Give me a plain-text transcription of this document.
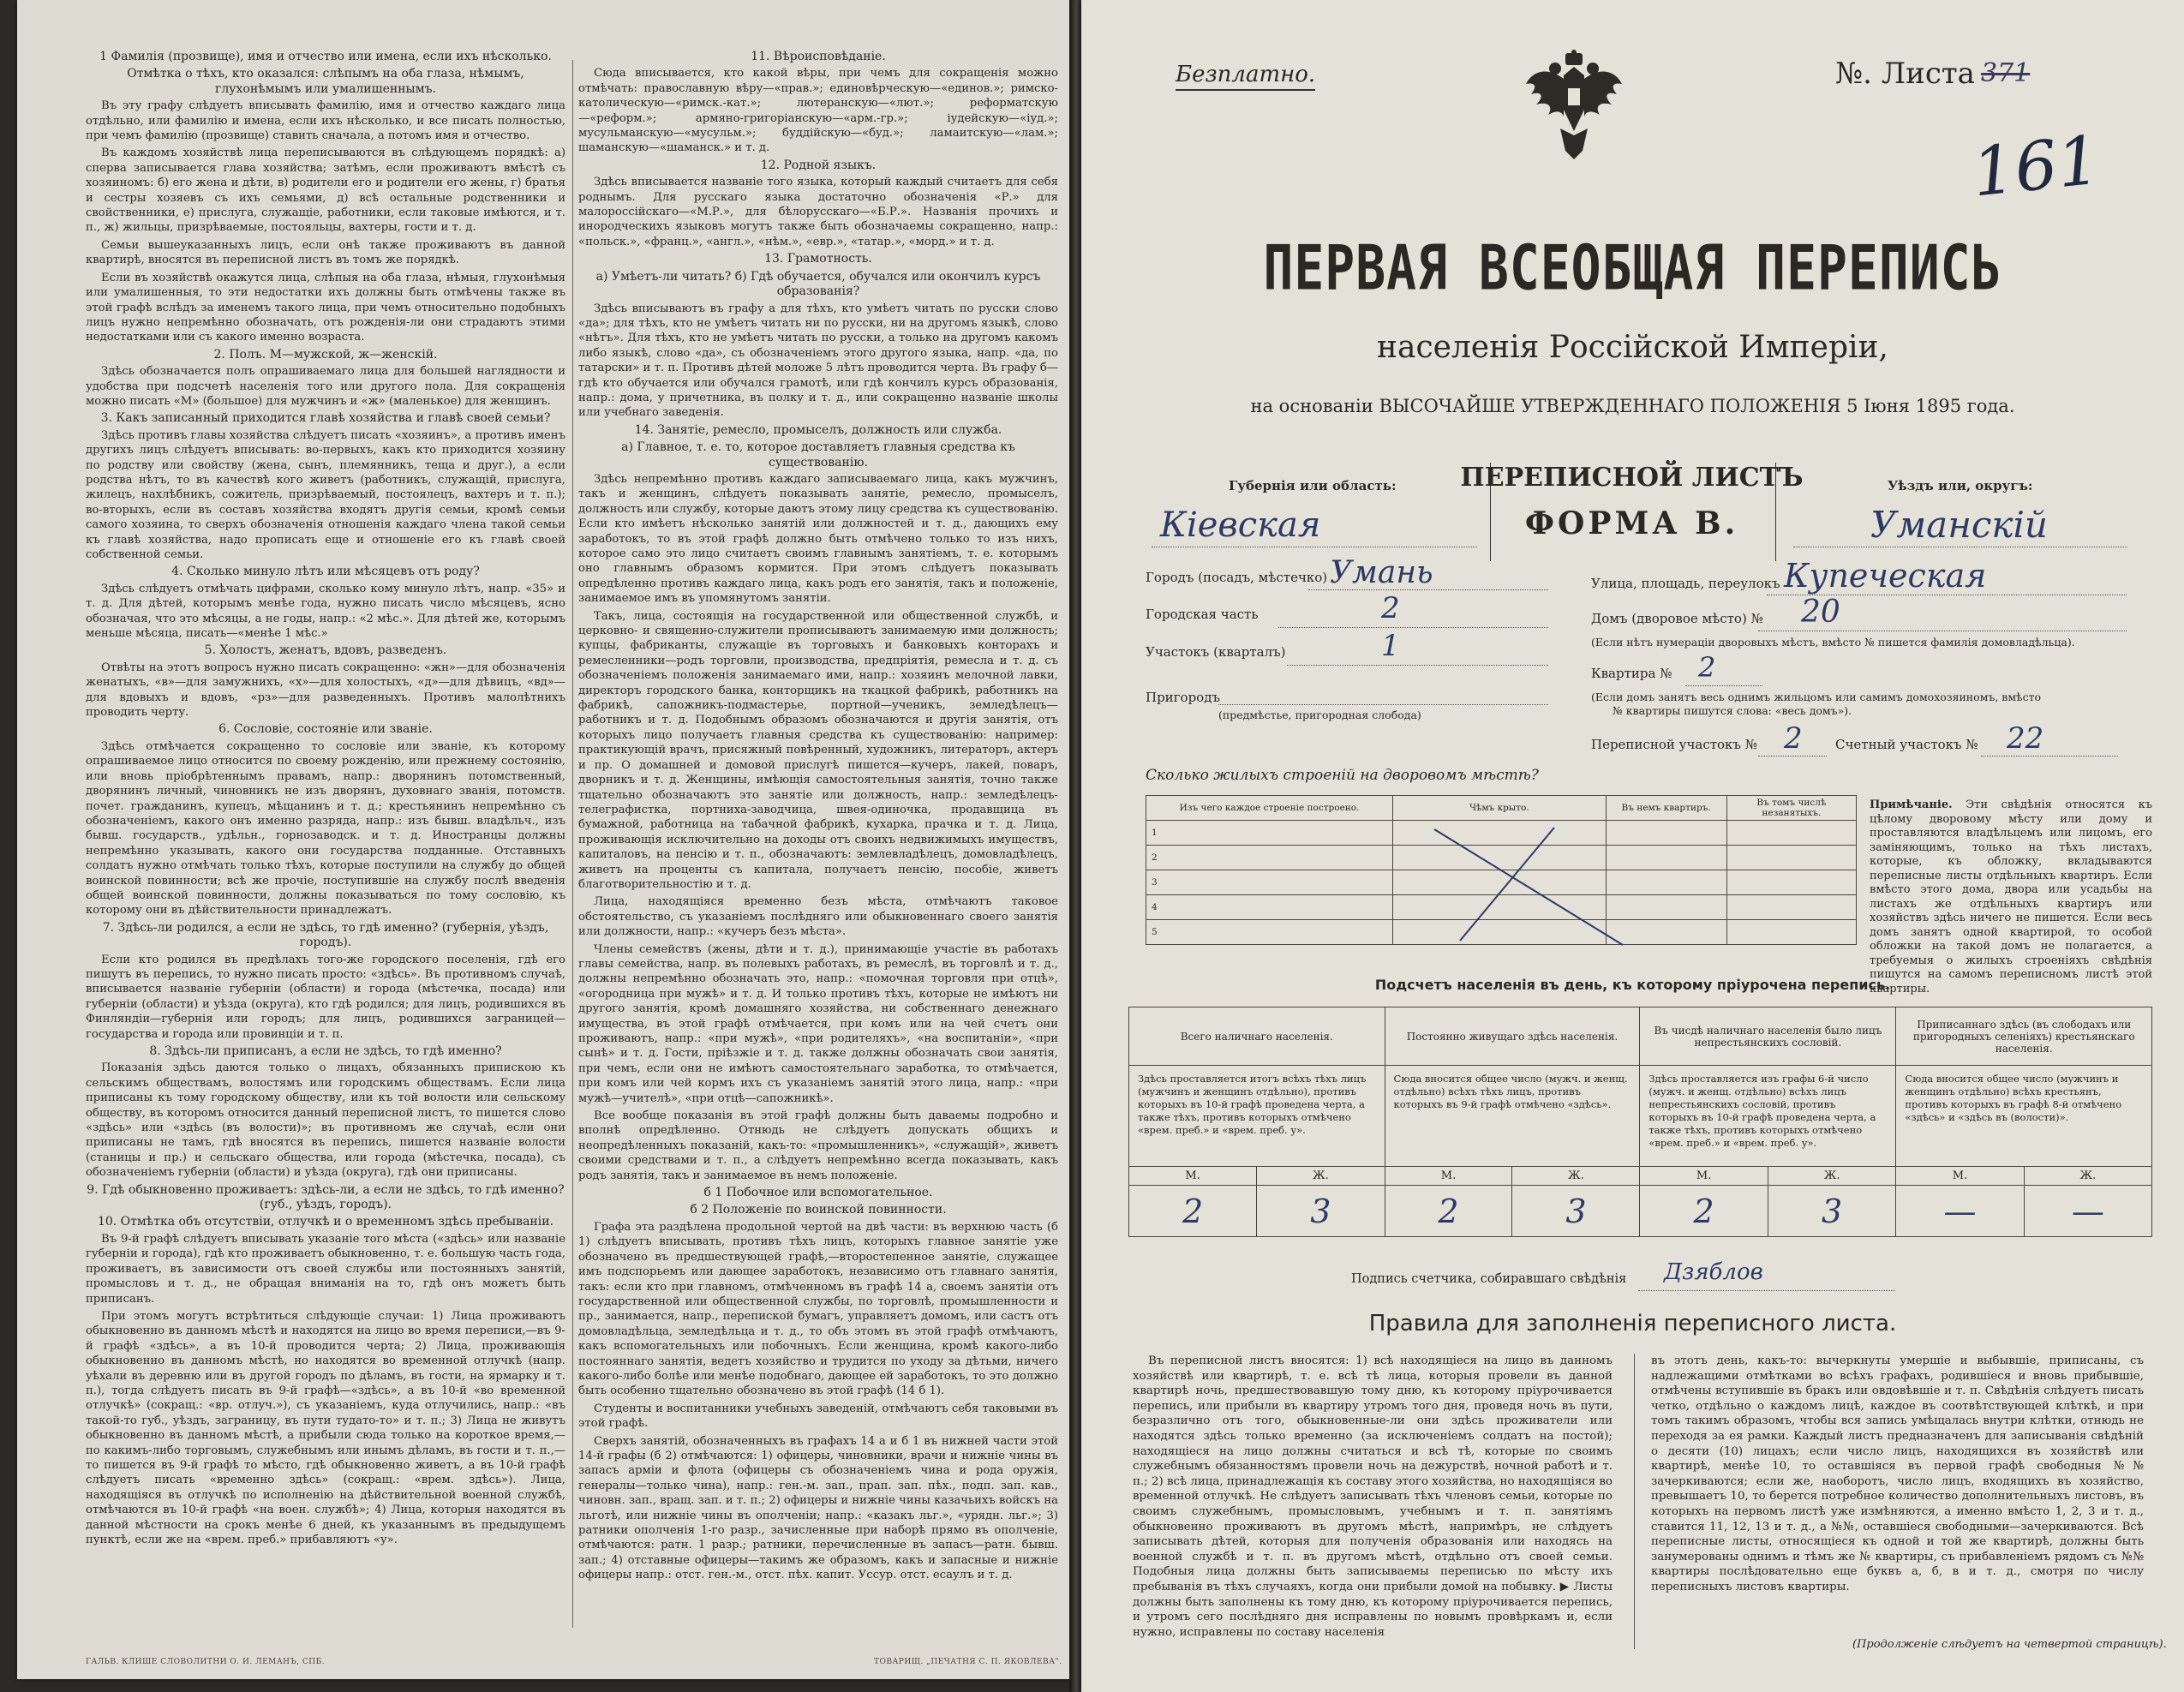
1 Фамилія (прозвище), имя и отчество или имена, если ихъ нѣсколько.
Отмѣтка о тѣхъ, кто оказался: слѣпымъ на оба глаза, нѣмымъ, глухонѣмымъ или умалишеннымъ.

Въ эту графу слѣдуетъ вписывать фамилію, имя и отчество каждаго лица отдѣльно, или фамилію и имена, если ихъ нѣсколько, и все писать полностью, при чемъ фамилію (прозвище) ставить сначала, а потомъ имя и отчество.

Въ каждомъ хозяйствѣ лица переписываются въ слѣдующемъ порядкѣ: а) сперва записывается глава хозяйства; затѣмъ, если проживаютъ вмѣстѣ съ хозяиномъ: б) его жена и дѣти, в) родители его и родители его жены, г) братья и сестры хозяевъ съ ихъ семьями, д) всѣ остальные родственники и свойственники, е) прислуга, служащіе, работники, если таковые имѣются, и т. п., ж) жильцы, призрѣваемые, постояльцы, вахтеры, гости и т. д.

Семьи вышеуказанныхъ лицъ, если онѣ также проживаютъ въ данной квартирѣ, вносятся въ переписной листъ въ томъ же порядкѣ.

Если въ хозяйствѣ окажутся лица, слѣпыя на оба глаза, нѣмыя, глухонѣмыя или умалишенныя, то эти недостатки ихъ должны быть отмѣчены также въ этой графѣ вслѣдъ за именемъ такого лица, при чемъ относительно подобныхъ лицъ нужно непремѣнно обозначать, отъ рожденія-ли они страдаютъ этими недостатками или съ какого именно возраста.

2. Полъ. М—мужской, ж—женскій.

Здѣсь обозначается полъ опрашиваемаго лица для большей наглядности и удобства при подсчетѣ населенія того или другого пола. Для сокращенія можно писать «М» (большое) для мужчинъ и «ж» (маленькое) для женщинъ.

3. Какъ записанный приходится главѣ хозяйства и главѣ своей семьи?

Здѣсь противъ главы хозяйства слѣдуетъ писать «хозяинъ», а противъ именъ другихъ лицъ слѣдуетъ вписывать: во-первыхъ, какъ кто приходится хозяину по родству или свойству (жена, сынъ, племянникъ, теща и друг.), а если родства нѣтъ, то въ качествѣ кого живетъ (работникъ, служащій, прислуга, жилецъ, нахлѣбникъ, сожитель, призрѣваемый, постоялецъ, вахтеръ и т. п.); во-вторыхъ, если въ составъ хозяйства входятъ другія семьи, кромѣ семьи самого хозяина, то сверхъ обозначенія отношенія каждаго члена такой семьи къ главѣ хозяйства, надо прописать еще и отношеніе его къ главѣ своей собственной семьи.

4. Сколько минуло лѣтъ или мѣсяцевъ отъ роду?

Здѣсь слѣдуетъ отмѣчать цифрами, сколько кому минуло лѣтъ, напр. «35» и т. д. Для дѣтей, которымъ менѣе года, нужно писать число мѣсяцевъ, ясно обозначая, что это мѣсяцы, а не годы, напр.: «2 мѣс.». Для дѣтей же, которымъ меньше мѣсяца, писать—«менѣе 1 мѣс.»

5. Холостъ, женатъ, вдовъ, разведенъ.

Отвѣты на этотъ вопросъ нужно писать сокращенно: «жн»—для обозначенія женатыхъ, «в»—для замужнихъ, «х»—для холостыхъ, «д»—для дѣвицъ, «вд»—для вдовыхъ и вдовъ, «рз»—для разведенныхъ. Противъ малолѣтнихъ проводить черту.

6. Сословіе, состояніе или званіе.

Здѣсь отмѣчается сокращенно то сословіе или званіе, къ которому опрашиваемое лицо относится по своему рожденію, или прежнему состоянію, или вновь пріобрѣтеннымъ правамъ, напр.: дворянинъ потомственный, дворянинъ личный, чиновникъ не изъ дворянъ, духовнаго званія, потомств. почет. гражданинъ, купецъ, мѣщанинъ и т. д.; крестьянинъ непремѣнно съ обозначеніемъ, какого онъ именно разряда, напр.: изъ бывш. владѣльч., изъ бывш. государств., удѣльн., горнозаводск. и т. д. Иностранцы должны непремѣнно указывать, какого они государства подданные. Отставныхъ солдатъ нужно отмѣчать только тѣхъ, которые поступили на службу до общей воинской повинности; всѣ же прочіе, поступившіе на службу послѣ введенія общей воинской повинности, должны показываться по тому сословію, къ которому они въ дѣйствительности принадлежатъ.

7. Здѣсь-ли родился, а если не здѣсь, то гдѣ именно? (губернія, уѣздъ, городъ).

Если кто родился въ предѣлахъ того-же городского поселенія, гдѣ его пишутъ въ перепись, то нужно писать просто: «здѣсь». Въ противномъ случаѣ, вписывается названіе губерніи (области) и города (мѣстечка, посада) или губерніи (области) и уѣзда (округа), кто гдѣ родился; для лицъ, родившихся въ Финляндіи—губернія или городъ; для лицъ, родившихся заграницей—государства и города или провинціи и т. п.

8. Здѣсь-ли приписанъ, а если не здѣсь, то гдѣ именно?

Показанія здѣсь даются только о лицахъ, обязанныхъ припискою къ сельскимъ обществамъ, волостямъ или городскимъ обществамъ. Если лица приписаны къ тому городскому обществу, или къ той волости или сельскому обществу, въ которомъ относится данный переписной листъ, то пишется слово «здѣсь» или «здѣсь (въ волости)»; въ противномъ же случаѣ, если они приписаны не тамъ, гдѣ вносятся въ перепись, пишется названіе волости (станицы и пр.) и сельскаго общества, или города (мѣстечка, посада), съ обозначеніемъ губерніи (области) и уѣзда (округа), гдѣ они приписаны.

9. Гдѣ обыкновенно проживаетъ: здѣсь-ли, а если не здѣсь, то гдѣ именно? (губ., уѣздъ, городъ).
10. Отмѣтка объ отсутствіи, отлучкѣ и о временномъ здѣсь пребываніи.

Въ 9-й графѣ слѣдуетъ вписывать указаніе того мѣста («здѣсь» или названіе губерніи и города), гдѣ кто проживаетъ обыкновенно, т. е. большую часть года, проживаетъ, въ зависимости отъ своей службы или постоянныхъ занятій, промысловъ и т. д., не обращая вниманія на то, гдѣ онъ можетъ быть приписанъ.

При этомъ могутъ встрѣтиться слѣдующіе случаи: 1) Лица проживаютъ обыкновенно въ данномъ мѣстѣ и находятся на лицо во время переписи,—въ 9-й графѣ «здѣсь», а въ 10-й проводится черта; 2) Лица, проживающія обыкновенно въ данномъ мѣстѣ, но находятся во временной отлучкѣ (напр. уѣхали въ деревню или въ другой городъ по дѣламъ, въ гости, на ярмарку и т. п.), тогда слѣдуетъ писать въ 9-й графѣ—«здѣсь», а въ 10-й «во временной отлучкѣ» (сокращ.: «вр. отлуч.»), съ указаніемъ, куда отлучились, напр.: «въ такой-то губ., уѣздъ, заграницу, въ пути тудато-то» и т. п.; 3) Лица не живутъ обыкновенно въ данномъ мѣстѣ, а прибыли сюда только на короткое время,—по какимъ-либо торговымъ, служебнымъ или инымъ дѣламъ, въ гости и т. п.,—то пишется въ 9-й графѣ то мѣсто, гдѣ обыкновенно живетъ, а въ 10-й графѣ слѣдуетъ писать «временно здѣсь» (сокращ.: «врем. здѣсь»). Лица, находящіяся въ отлучкѣ по исполненію на дѣйствительной военной службѣ, отмѣчаются въ 10-й графѣ «на воен. службѣ»; 4) Лица, которыя находятся въ данной мѣстности на срокъ менѣе 6 дней, къ указаннымъ въ предыдущемъ пунктѣ, если же на «врем. преб.» прибавляютъ «у».

11. Вѣроисповѣданіе.

Сюда вписывается, кто какой вѣры, при чемъ для сокращенія можно отмѣчать: православную вѣру—«прав.»; единовѣрческую—«единов.»; римско-католическую—«римск.-кат.»; лютеранскую—«лют.»; реформатскую—«реформ.»; армяно-григоріанскую—«арм.-гр.»; іудейскую—«іуд.»; мусульманскую—«мусульм.»; буддійскую—«буд.»; ламаитскую—«лам.»; шаманскую—«шаманск.» и т. д.

12. Родной языкъ.

Здѣсь вписывается названіе того языка, который каждый считаетъ для себя роднымъ. Для русскаго языка достаточно обозначенія «Р.» для малороссійскаго—«М.Р.», для бѣлорусскаго—«Б.Р.». Названія прочихъ и инородческихъ языковъ могутъ также быть обозначаемы сокращенно, напр.: «польск.», «франц.», «англ.», «нѣм.», «евр.», «татар.», «морд.» и т. д.

13. Грамотность.
а) Умѣетъ-ли читать? б) Гдѣ обучается, обучался или окончилъ курсъ образованія?

Здѣсь вписываютъ въ графу а для тѣхъ, кто умѣетъ читать по русски слово «да»; для тѣхъ, кто не умѣетъ читать ни по русски, ни на другомъ языкѣ, слово «нѣтъ». Для тѣхъ, кто не умѣетъ читать по русски, а только на другомъ какомъ либо языкѣ, слово «да», съ обозначеніемъ этого другого языка, напр. «да, по татарски» и т. п. Противъ дѣтей моложе 5 лѣтъ проводится черта. Въ графу б—гдѣ кто обучается или обучался грамотѣ, или гдѣ кончилъ курсъ образованія, напр.: дома, у причетника, въ полку и т. д., или сокращенно названіе школы или учебнаго заведенія.

14. Занятіе, ремесло, промыселъ, должность или служба.
а) Главное, т. е. то, которое доставляетъ главныя средства къ существованію.

Здѣсь непремѣнно противъ каждаго записываемаго лица, какъ мужчинъ, такъ и женщинъ, слѣдуетъ показывать занятіе, ремесло, промыселъ, должность или службу, которые даютъ этому лицу средства къ существованію. Если кто имѣетъ нѣсколько занятій или должностей и т. д., дающихъ ему заработокъ, то въ этой графѣ должно быть отмѣчено только то изъ нихъ, которое само это лицо считаетъ своимъ главнымъ занятіемъ, т. е. которымъ оно главнымъ образомъ кормится. При этомъ слѣдуетъ показывать опредѣленно противъ каждаго лица, какъ родъ его занятія, такъ и положеніе, занимаемое имъ въ упомянутомъ занятіи.

Такъ, лица, состоящія на государственной или общественной службѣ, и церковно- и священно-служители прописываютъ занимаемую ими должность; купцы, фабриканты, служащіе въ торговыхъ и банковыхъ конторахъ и ремесленники—родъ торговли, производства, предпріятія, ремесла и т. д. съ обозначеніемъ положенія занимаемаго ими, напр.: хозяинъ мелочной лавки, директоръ городского банка, конторщикъ на ткацкой фабрикѣ, работникъ на фабрикѣ, сапожникъ-подмастерье, портной—ученикъ, земледѣлецъ—работникъ и т. д. Подобнымъ образомъ обозначаются и другія занятія, отъ которыхъ лицо получаетъ главныя средства къ существованію: например: практикующій врачъ, присяжный повѣренный, художникъ, литераторъ, актеръ и пр. О домашней и домовой прислугѣ пишется—кучеръ, лакей, поваръ, дворникъ и т. д. Женщины, имѣющія самостоятельныя занятія, точно также тщательно обозначаютъ это занятіе или должность, напр.: земледѣлецъ-телеграфистка, портниха-заводчица, швея-одиночка, продавщица въ бумажной, работница на табачной фабрикѣ, кухарка, прачка и т. д. Лица, проживающія исключительно на доходы отъ своихъ недвижимыхъ имуществъ, капиталовъ, на пенсію и т. п., обозначаютъ: землевладѣлецъ, домовладѣлецъ, живетъ на проценты съ капитала, получаетъ пенсію, пособіе, живетъ благотворительностію и т. д.

Лица, находящіяся временно безъ мѣста, отмѣчаютъ таковое обстоятельство, съ указаніемъ послѣдняго или обыкновеннаго своего занятія или должности, напр.: «кучеръ безъ мѣста».

Члены семействъ (жены, дѣти и т. д.), принимающіе участіе въ работахъ главы семейства, напр. въ полевыхъ работахъ, въ ремеслѣ, въ торговлѣ и т. д., должны непремѣнно обозначать это, напр.: «помочная торговля при отцѣ», «огородница при мужѣ» и т. д. И только противъ тѣхъ, которые не имѣютъ ни другого занятія, кромѣ домашняго хозяйства, ни собственнаго денежнаго имущества, въ этой графѣ отмѣчается, при комъ или на чей счетъ они проживаютъ, напр.: «при мужѣ», «при родителяхъ», «на воспитаніи», «при сынѣ» и т. д. Гости, пріѣзжіе и т. д. также должны обозначать свои занятія, при чемъ, если они не имѣютъ самостоятельнаго заработка, то отмѣчается, при комъ или чей кормъ ихъ съ указаніемъ занятій этого лица, напр.: «при мужѣ—учителѣ», «при отцѣ—сапожникѣ».

Все вообще показанія въ этой графѣ должны быть даваемы подробно и вполнѣ опредѣленно. Отнюдь не слѣдуетъ допускать общихъ и неопредѣленныхъ показаній, какъ-то: «промышленникъ», «служащій», живетъ своими средствами и т. п., а слѣдуетъ непремѣнно всегда показывать, какъ родъ занятія, такъ и занимаемое въ немъ положеніе.

б 1 Побочное или вспомогательное.
б 2 Положеніе по воинской повинности.

Графа эта раздѣлена продольной чертой на двѣ части: въ верхнюю часть (б 1) слѣдуетъ вписывать, противъ тѣхъ лицъ, которыхъ главное занятіе уже обозначено въ предшествующей графѣ,—второстепенное занятіе, служащее имъ подспорьемъ или дающее заработокъ, независимо отъ главнаго занятія, такъ: если кто при главномъ, отмѣченномъ въ графѣ 14 а, своемъ занятіи отъ государственной или общественной службы, по торговлѣ, промышленности и пр., занимается, напр., перепиской бумагъ, управляетъ домомъ, или састъ отъ домовладѣльца, земледѣльца и т. д., то объ этомъ въ этой графѣ отмѣчаютъ, какъ вспомогательныхъ или побочныхъ. Если женщина, кромѣ какого-либо постояннаго занятія, ведетъ хозяйство и трудится по уходу за дѣтьми, ничего какого-либо болѣе или менѣе подобнаго, дающее ей заработокъ, то это должно быть особенно тщательно обозначено въ этой графѣ (14 б 1).

Студенты и воспитанники учебныхъ заведеній, отмѣчаютъ себя таковыми въ этой графѣ.

Сверхъ занятій, обозначенныхъ въ графахъ 14 а и б 1 въ нижней части этой 14-й графы (б 2) отмѣчаются: 1) офицеры, чиновники, врачи и нижніе чины въ запасъ арміи и флота (офицеры съ обозначеніемъ чина и рода оружія, генералы—только чина), напр.: ген.-м. зап., прап. зап. пѣх., подп. зап. кав., чиновн. зап., вращ. зап. и т. п.; 2) офицеры и нижніе чины казачьихъ войскъ на льготѣ, или нижніе чины въ ополченіи; напр.: «казакъ льг.», «урядн. льг.»; 3) ратники ополченія 1-го разр., зачисленные при наборѣ прямо въ ополченіе, отмѣчаются: ратн. 1 разр.; ратники, перечисленные въ запасъ—ратн. бывш. зап.; 4) отставные офицеры—такимъ же образомъ, какъ и запасные и нижніе офицеры напр.: отст. ген.-м., отст. пѣх. капит. Уссур. отст. есаулъ и т. д.

ГАЛЬВ. КЛИШЕ СЛОВОЛИТНИ О. И. ЛЕМАНЪ, СПБ.	ТОВАРИЩ. „ПЕЧАТНЯ С. П. ЯКОВЛЕВА".
Безплатно.	№. Листа 371
161
ПЕРВАЯ ВСЕОБЩАЯ ПЕРЕПИСЬ
населенія Россійской Имперіи,
на основаніи ВЫСОЧАЙШЕ УТВЕРЖДЕННАГО ПОЛОЖЕНІЯ 5 Іюня 1895 года.
Губернія или область:
Кіевская
ПЕРЕПИСНОЙ ЛИСТЪ
ФОРМА В.
Уѣздъ или, округъ:
Уманскій
Городъ (посадъ, мѣстечко) Умань
Городская часть	2
Участокъ (кварталъ)	1
Пригородъ
(предмѣстье, пригородная слобода)
Улица, площадь, переулокъ Купеческая
Домъ (дворовое мѣсто) № 20
(Если нѣтъ нумераціи дворовыхъ мѣстъ, вмѣсто № пишется фамилія домовладѣльца).
Квартира № 2
(Если домъ занятъ весь однимъ жильцомъ или самимъ домохозяиномъ, вмѣсто
№ квартиры пишутся слова: «весь домъ»).
Переписной участокъ № 2	Счетный участокъ № 22
Сколько жилыхъ строеній на дворовомъ мѣстѣ?
Изъ чего каждое строеніе построено.	Чѣмъ крыто.	Въ немъ квартиръ.	Въ томъ числѣ незанятыхъ.
1			
2			
3			
4			
5			
Примѣчаніе. Эти свѣдѣнія относятся къ цѣлому дворовому мѣсту или дому и проставляются владѣльцемъ или лицомъ, его заміняющимъ, только на тѣхъ листахъ, которые, къ обложку, вкладываются переписные листы отдѣльныхъ квартиръ. Если вмѣсто этого дома, двора или усадьбы на листахъ же отдѣльныхъ квартиръ или хозяйствъ здѣсь ничего не пишется. Если весь домъ занятъ одной квартирой, то особой обложки на такой домъ не полагается, а требуемыя о жилыхъ строеніяхъ свѣдѣнія пишутся на самомъ переписномъ листѣ этой квартиры.
Подсчетъ населенія въ день, къ которому пріурочена перепись.
Всего наличнаго населенія.		Постоянно живущаго здѣсь населенія.		Въ чисдѣ наличнаго населенія было лицъ непрестьянскихъ сословій.		Приписаннаго здѣсь (въ слободахъ или пригородныхъ селеніяхъ) крестьянскаго населенія.	
Здѣсь проставляется итогъ всѣхъ тѣхъ лицъ (мужчинъ и женщинъ отдѣльно), противъ которыхъ въ 10-й графѣ проведена черта, а также тѣхъ, противъ которыхъ отмѣчено «врем. преб.» и «врем. преб. у».		Сюда вносится общее число (мужч. и женщ. отдѣльно) всѣхъ тѣхъ лицъ, противъ которыхъ въ 9-й графѣ отмѣчено «здѣсь».		Здѣсь проставляется изъ графы 6-й число (мужч. и женщ. отдѣльно) всѣхъ лицъ непрестьянскихъ сословій, противъ которыхъ въ 10-й графѣ проведена черта, а также тѣхъ, противъ которыхъ отмѣчено «врем. преб.» и «врем. преб. у».		Сюда вносится общее число (мужчинъ и женщинъ отдѣльно) всѣхъ крестьянъ, противъ которыхъ въ графѣ 8-й отмѣчено «здѣсь» и «здѣсь въ (волости)».	
М.	Ж.	М.	Ж.	М.	Ж.	М.	Ж.
2	3	2	3	2	3	—	—
Подпись счетчика, собиравшаго свѣдѣнія Дзяблов
Правила для заполненія переписного листа.
Въ переписной листъ вносятся: 1) всѣ находящіеся на лицо въ данномъ хозяйствѣ или квартирѣ, т. е. всѣ тѣ лица, которыя провели въ данной квартирѣ ночь, предшествовавшую тому дню, къ которому пріурочивается перепись, или прибыли въ квартиру утромъ того дня, проведя ночь въ пути, безразлично отъ того, обыкновенные-ли они здѣсь проживатели или находятся здѣсь только временно (за исключеніемъ солдатъ на постой); находящіеся на лицо должны считаться и всѣ тѣ, которые по своимъ служебнымъ обязанностямъ провели ночь на дежурствѣ, ночной работѣ и т. п.; 2) всѣ лица, принадлежащія къ составу этого хозяйства, но находящіяся во временной отлучкѣ. Не слѣдуетъ записывать тѣхъ членовъ семьи, которые по своимъ служебнымъ, промысловымъ, учебнымъ и т. п. занятіямъ обыкновенно проживаютъ въ другомъ мѣстѣ, напримѣръ, не слѣдуетъ записывать дѣтей, которыя для полученія образованія или находясь на военной службѣ и т. п. въ другомъ мѣстѣ, отдѣльно отъ своей семьи. Подобныя лица должны быть записываемы переписью по мѣсту ихъ пребыванія въ тѣхъ случаяхъ, когда они прибыли домой на побывку. ▶ Листы должны быть заполнены къ тому дню, къ которому пріурочивается перепись, и утромъ сего послѣдняго дня исправлены по новымъ провѣркамъ и, если нужно, исправлены по составу населенія
въ этотъ день, какъ-то: вычеркнуты умершіе и выбывшіе, приписаны, съ надлежащими отмѣтками во всѣхъ графахъ, родившіеся и вновь прибывшіе, отмѣчены вступившіе въ бракъ или овдовѣвшіе и т. п. Свѣдѣнія слѣдуетъ писать четко, отдѣльно о каждомъ лицѣ, каждое въ соотвѣтствующей клѣткѣ, и при томъ такимъ образомъ, чтобы вся запись умѣщалась внутри клѣтки, отнюдь не переходя за ея рамки. Каждый листъ предназначенъ для записыванія свѣдѣній о десяти (10) лицахъ; если число лицъ, находящихся въ хозяйствѣ или квартирѣ, менѣе 10, то оставшіяся въ первой графѣ свободныя №№ зачеркиваются; если же, наоборотъ, число лицъ, входящихъ въ хозяйство, превышаетъ 10, то берется потребное количество дополнительныхъ листовъ, въ которыхъ на первомъ листѣ уже измѣняются, а именно вмѣсто 1, 2, 3 и т. д., ставится 11, 12, 13 и т. д., а №№, оставшіеся свободными—зачеркиваются. Всѣ переписные листы, относящіеся къ одной и той же квартирѣ, должны быть занумерованы однимъ и тѣмъ же № квартиры, съ прибавленіемъ рядомъ съ №№ квартиры послѣдовательно еще буквъ а, б, в и т. д., смотря по числу переписныхъ листовъ квартиры.
(Продолженіе слѣдуетъ на четвертой страницѣ).
